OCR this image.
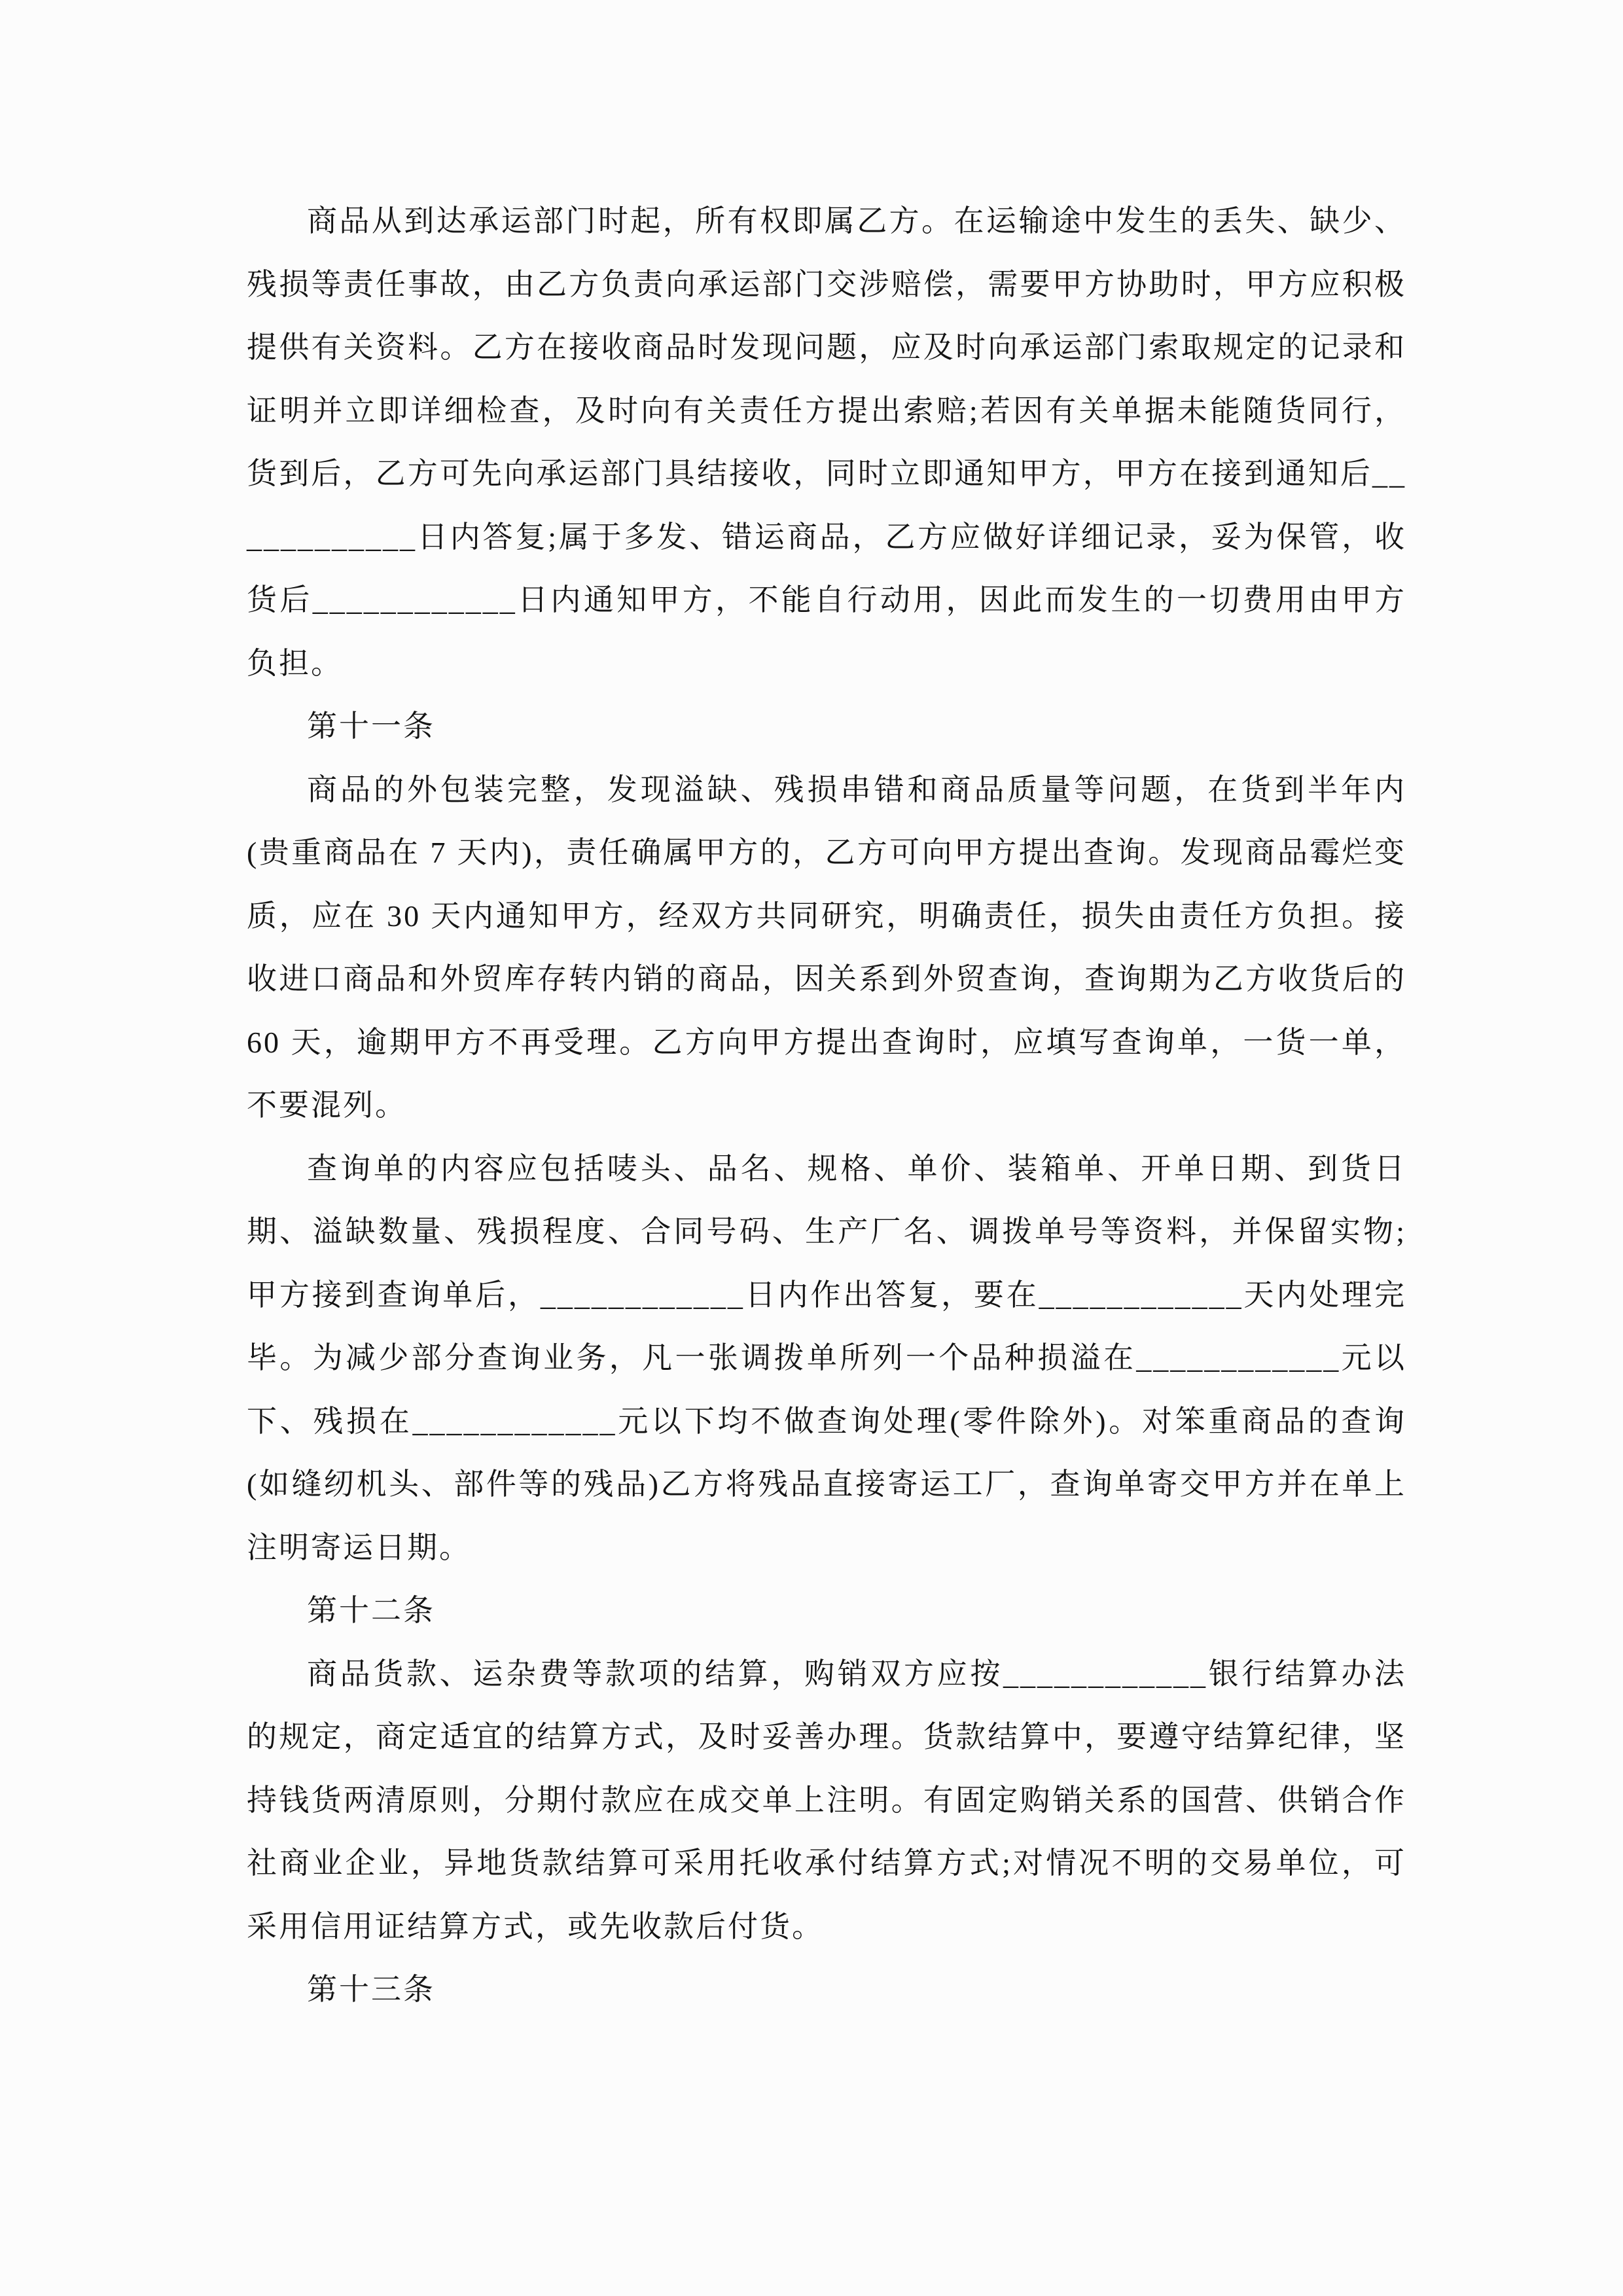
商品从到达承运部门时起，所有权即属乙方。在运输途中发生的丢失、缺少、残损等责任事故，由乙方负责向承运部门交涉赔偿，需要甲方协助时，甲方应积极提供有关资料。乙方在接收商品时发现问题，应及时向承运部门索取规定的记录和证明并立即详细检查，及时向有关责任方提出索赔;若因有关单据未能随货同行，货到后，乙方可先向承运部门具结接收，同时立即通知甲方，甲方在接到通知后____________日内答复;属于多发、错运商品，乙方应做好详细记录，妥为保管，收货后____________日内通知甲方，不能自行动用，因此而发生的一切费用由甲方负担。

第十一条

商品的外包装完整，发现溢缺、残损串错和商品质量等问题，在货到半年内(贵重商品在 7 天内)，责任确属甲方的，乙方可向甲方提出查询。发现商品霉烂变质，应在 30 天内通知甲方，经双方共同研究，明确责任，损失由责任方负担。接收进口商品和外贸库存转内销的商品，因关系到外贸查询，查询期为乙方收货后的 60 天，逾期甲方不再受理。乙方向甲方提出查询时，应填写查询单，一货一单，不要混列。

查询单的内容应包括唛头、品名、规格、单价、装箱单、开单日期、到货日期、溢缺数量、残损程度、合同号码、生产厂名、调拨单号等资料，并保留实物;甲方接到查询单后，____________日内作出答复，要在____________天内处理完毕。为减少部分查询业务，凡一张调拨单所列一个品种损溢在____________元以下、残损在____________元以下均不做查询处理(零件除外)。对笨重商品的查询(如缝纫机头、部件等的残品)乙方将残品直接寄运工厂，查询单寄交甲方并在单上注明寄运日期。

第十二条

商品货款、运杂费等款项的结算，购销双方应按____________银行结算办法的规定，商定适宜的结算方式，及时妥善办理。货款结算中，要遵守结算纪律，坚持钱货两清原则，分期付款应在成交单上注明。有固定购销关系的国营、供销合作社商业企业，异地货款结算可采用托收承付结算方式;对情况不明的交易单位，可采用信用证结算方式，或先收款后付货。

第十三条
